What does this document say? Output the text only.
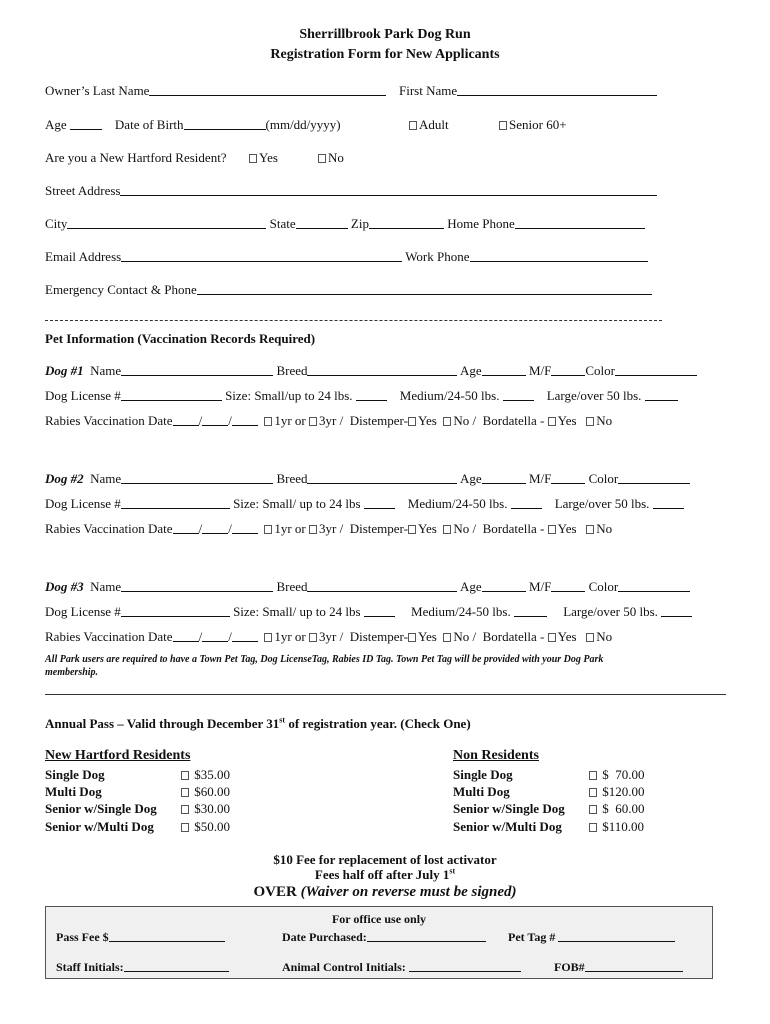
Sherrillbrook Park Dog Run
Registration Form for New Applicants
Owner’s Last Name	First Name
Age	Date of Birth	(mm/dd/yyyy)	Adult	Senior 60+
Are you a New Hartford Resident?	Yes	No
Street Address
City	State	Zip	Home Phone
Email Address	Work Phone
Emergency Contact & Phone
Pet Information (Vaccination Records Required)
Dog #1 Name	Breed	Age	M/F	Color
Dog License #	Size: Small/up to 24 lbs.	Medium/24-50 lbs.	Large/over 50 lbs.
Rabies Vaccination Date / /	1yr or 3yr / Distemper- Yes No / Bordatella - Yes No
Dog #2 Name	Breed	Age	M/F	Color
Dog License #	Size: Small/ up to 24 lbs	Medium/24-50 lbs.	Large/over 50 lbs.
Rabies Vaccination Date / /	1yr or 3yr / Distemper- Yes No / Bordatella - Yes No
Dog #3 Name	Breed	Age	M/F	Color
Dog License #	Size: Small/ up to 24 lbs	Medium/24-50 lbs.	Large/over 50 lbs.
Rabies Vaccination Date / /	1yr or 3yr / Distemper- Yes No / Bordatella - Yes No
All Park users are required to have a Town Pet Tag, Dog LicenseTag, Rabies ID Tag. Town Pet Tag will be provided with your Dog Park
membership.
Annual Pass – Valid through December 31st of registration year. (Check One)
New Hartford Residents
Single Dog	$35.00
Multi Dog	$60.00
Senior w/Single Dog	$30.00
Senior w/Multi Dog	$50.00
Non Residents
Single Dog	$  70.00
Multi Dog	$120.00
Senior w/Single Dog	$  60.00
Senior w/Multi Dog	$110.00
$10 Fee for replacement of lost activator
Fees half off after July 1st
OVER (Waiver on reverse must be signed)
For office use only
Pass Fee $	Date Purchased:	Pet Tag #
Staff Initials:	Animal Control Initials:	FOB#
